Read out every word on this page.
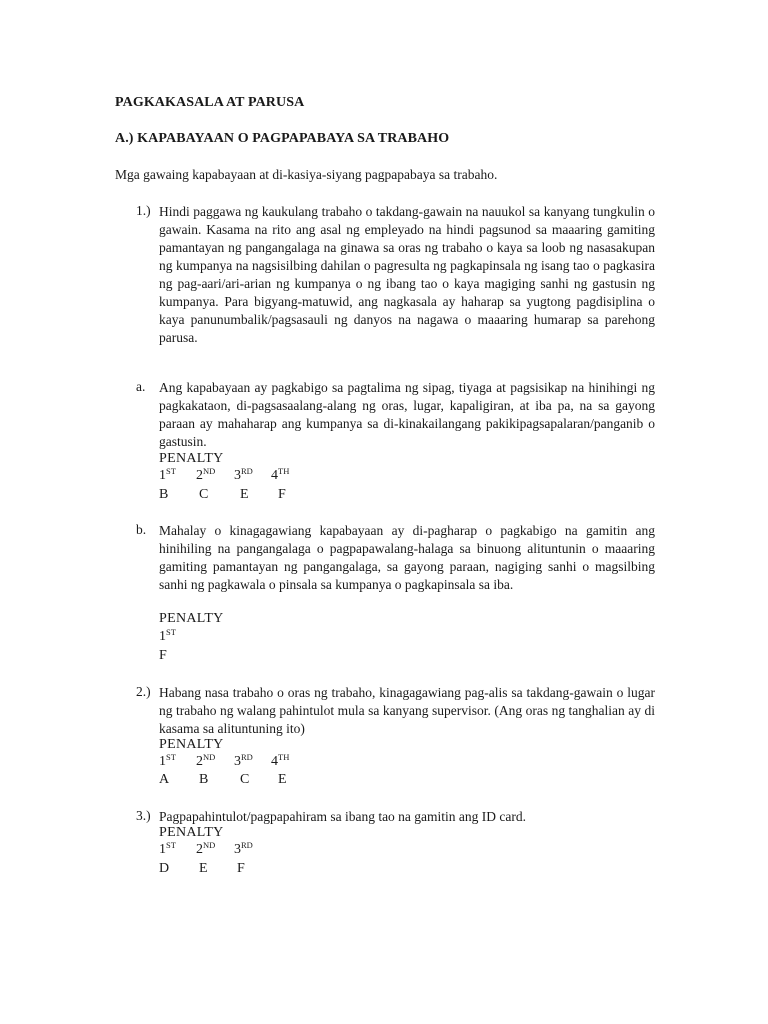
PAGKAKASALA AT PARUSA
A.) KAPABAYAAN O PAGPAPABAYA SA TRABAHO
Mga gawaing kapabayaan at di-kasiya-siyang pagpapabaya sa trabaho.
1.) Hindi paggawa ng kaukulang trabaho o takdang-gawain na nauukol sa kanyang tungkulin o gawain. Kasama na rito ang asal ng empleyado na hindi pagsunod sa maaaring gamiting pamantayan ng pangangalaga na ginawa sa oras ng trabaho o kaya sa loob ng nasasakupan ng kumpanya na nagsisilbing dahilan o pagresulta ng pagkapinsala ng isang tao o pagkasira ng pag-aari/ari-arian ng kumpanya o ng ibang tao o kaya magiging sanhi ng gastusin ng kumpanya. Para bigyang-matuwid, ang nagkasala ay haharap sa yugtong pagdisiplina o kaya panunumbalik/pagsasauli ng danyos na nagawa o maaaring humarap sa parehong parusa.
a. Ang kapabayaan ay pagkabigo sa pagtalima ng sipag, tiyaga at pagsisikap na hinihingi ng pagkakataon, di-pagsasaalang-alang ng oras, lugar, kapaligiran, at iba pa, na sa gayong paraan ay mahaharap ang kumpanya sa di-kinakailangang pakikipagsapalaran/panganib o gastusin.
PENALTY
1ST 2ND 3RD 4TH
B C E F
b. Mahalay o kinagagawiang kapabayaan ay di-pagharap o pagkabigo na gamitin ang hinihiling na pangangalaga o pagpapawalang-halaga sa binuong alituntunin o maaaring gamiting pamantayan ng pangangalaga, sa gayong paraan, nagiging sanhi o magsilbing sanhi ng pagkawala o pinsala sa kumpanya o pagkapinsala sa iba.
PENALTY
1ST
F
2.) Habang nasa trabaho o oras ng trabaho, kinagagawiang pag-alis sa takdang-gawain o lugar ng trabaho ng walang pahintulot mula sa kanyang supervisor. (Ang oras ng tanghalian ay di kasama sa alituntuning ito)
PENALTY
1ST 2ND 3RD 4TH
A B C E
3.) Pagpapahintulot/pagpapahiram sa ibang tao na gamitin ang ID card.
PENALTY
1ST 2ND 3RD
D E F
